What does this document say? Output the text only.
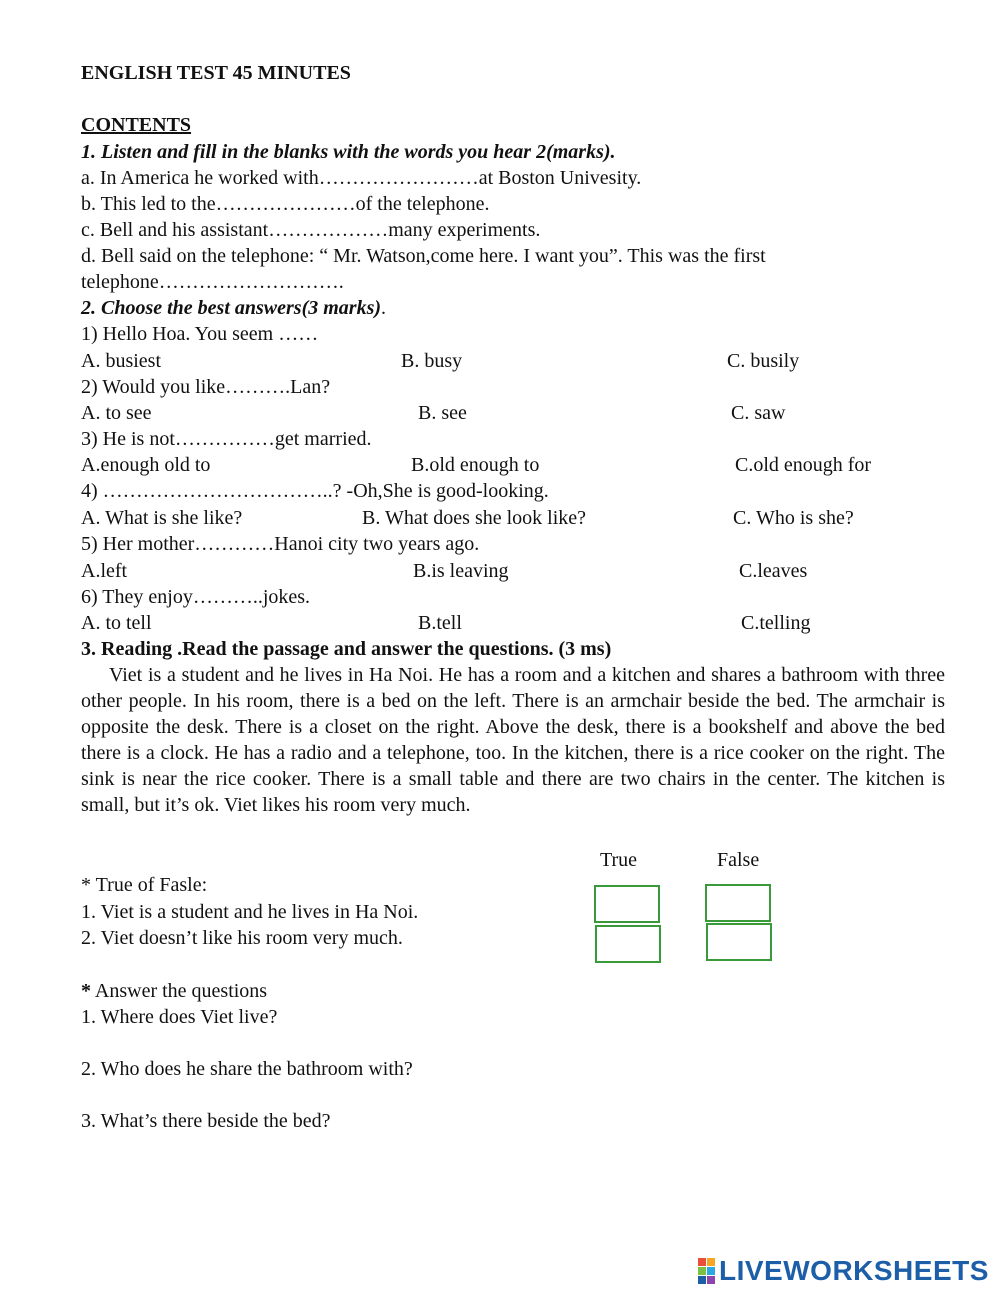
ENGLISH TEST 45 MINUTES
CONTENTS
1. Listen and fill in the blanks with the words you hear 2(marks).
a. In America he worked with……………………at Boston Univesity.
b. This led to the…………………of the telephone.
c. Bell and his assistant………………many experiments.
d. Bell said on the telephone: “ Mr. Watson,come here. I want you”. This was the first
telephone……………………….
2. Choose the best answers(3 marks).
1) Hello Hoa. You seem ……
A. busiest	B. busy	C. busily
2) Would you like……….Lan?
A. to see	B. see	C. saw
3) He is not……………get married.
A.enough old to	B.old enough to	C.old enough for
4) ……………………………..? -Oh,She is good-looking.
A. What is she like?	B. What does she look like?	C. Who is she?
5) Her mother…………Hanoi city two years ago.
A.left	B.is leaving	C.leaves
6) They enjoy………..jokes.
A. to tell	B.tell	C.telling
3. Reading .Read the passage and answer the questions. (3 ms)
Viet is a student and he lives in Ha Noi. He has a room and a kitchen and shares a bathroom with three other people. In his room, there is a bed on the left. There is an armchair beside the bed. The armchair is opposite the desk. There is a closet on the right. Above the desk, there is a bookshelf and above the bed there is a clock. He has a radio and a telephone, too. In the kitchen, there is a rice cooker on the right. The sink is near the rice cooker. There is a small table and there are two chairs in the center. The kitchen is small, but it’s ok. Viet likes his room very much.
True	False
* True of Fasle:
1. Viet is a student and he lives in Ha Noi.
2. Viet doesn’t like his room very much.
* Answer the questions
1. Where does Viet live?
2. Who does he share the bathroom with?
3. What’s there beside the bed?
LIVEWORKSHEETS
